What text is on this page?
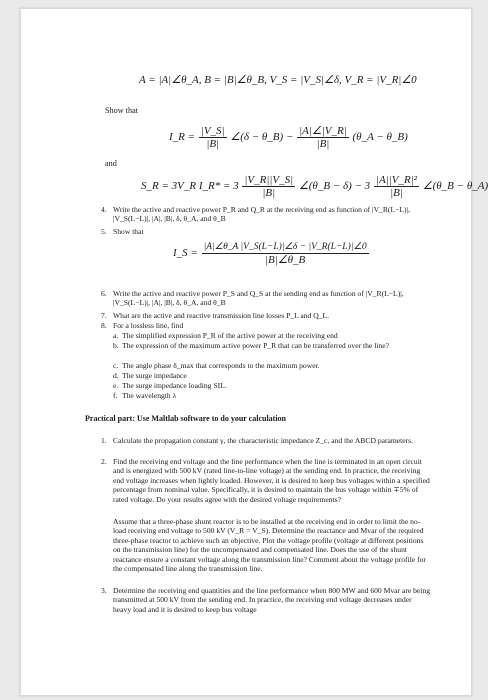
A = |A|∠θ_A, B = |B|∠θ_B, V_S = |V_S|∠δ, V_R = |V_R|∠0
Show that
I_R = $\frac{|V\_S|}{|B|}$ ∠(δ − θ_B) − $\frac{|A|\angle|V\_R|}{|B|}$ (θ_A − θ_B)
and
S_R = 3V_R I_R* = $3 \frac{|V\_R||V\_S|}{|B|}$ ∠(θ_B − $\delta) - 3 \frac{\text{|A||V\_R|²}}{|B|}$ ∠(θ_B − θ_A)
4. Write the active and reactive power P_R and Q_R at the receiving end as function of |V_R(L−L)|, |V_S(L−L)|, |A|, |B|, δ, θ_A, and θ_B
5. Show that
I_S = $\frac{|A|\angle\theta\_A |V\_S(L-L)|\angle\delta - |V\_R(L-L)|\angle 0}{|B|\angle\theta\_B}$
6. Write the active and reactive power P_S and Q_S at the sending end as function of |V_R(L−L)|, |V_S(L−L)|, |A|, |B|, δ, θ_A, and θ_B
7. What are the active and reactive transmission line losses P_L and Q_L.
8. For a lossless line, find
a. The simplified expression P_R of the active power at the receiving end
b. The expression of the maximum active power P_R that can be transferred over the line?
c. The angle phase δ_max that corresponds to the maximum power.
d. The surge impedance
e. The surge impedance loading SIL.
f. The wavelength λ
Practical part: Use Maltlab software to do your calculation
1. Calculate the propagation constant γ, the characteristic impedance Z_c, and the ABCD parameters.
2. Find the receiving end voltage and the line performance when the line is terminated in an open circuit and is energized with 500 kV (rated line-to-line voltage) at the sending end. In practice, the receiving end voltage increases when lightly loaded. However, it is desired to keep bus voltages within a specified percentage from nominal value. Specifically, it is desired to maintain the bus voltage within ∓5% of rated voltage. Do your results agree with the desired voltage requirements?
Assume that a three-phase shunt reactor is to be installed at the receiving end in order to limit the no-load receiving end voltage to 500 kV (V_R = V_S). Determine the reactance and Mvar of the required three-phase reactor to achieve such an objective. Plot the voltage profile (voltage at different positions on the transmission line) for the uncompensated and compensated line. Does the use of the shunt reactance ensure a constant voltage along the transmission line? Comment about the voltage profile for the compensated line along the transmission line.
3. Determine the receiving end quantities and the line performance when 800 MW and 600 Mvar are being transmitted at 500 kV from the sending end. In practice, the receiving end voltage decreases under heavy load and it is desired to keep bus voltage
